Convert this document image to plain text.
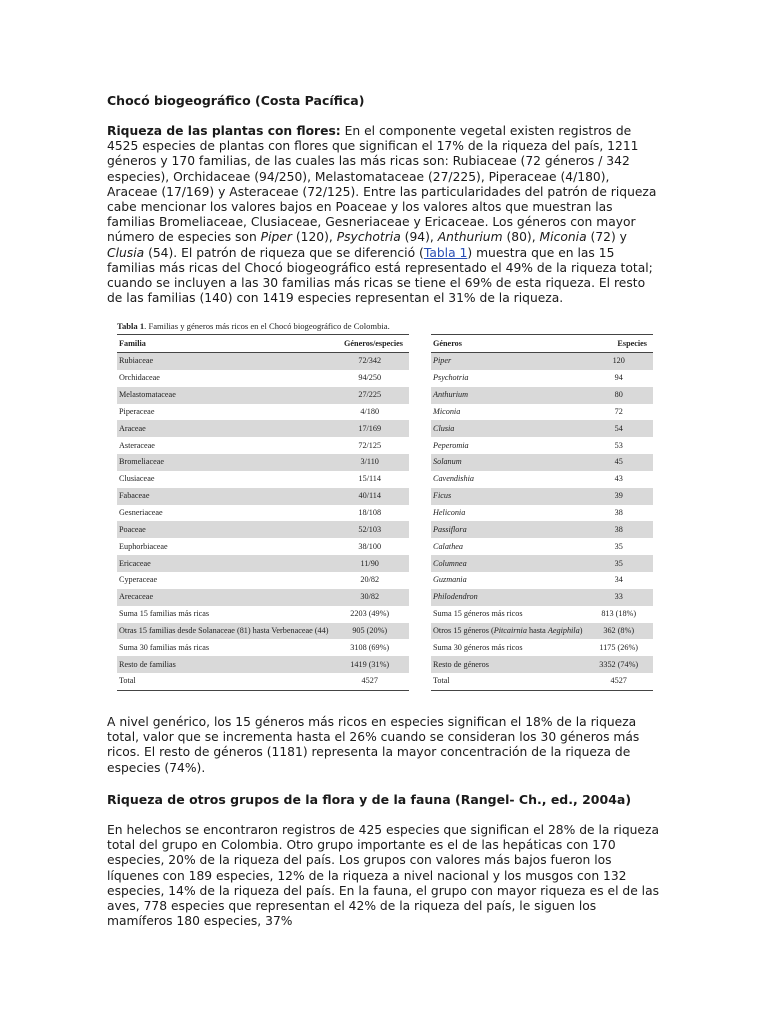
Chocó biogeográfico (Costa Pacífica)

Riqueza de las plantas con flores: En el componente vegetal existen registros de 4525 especies de plantas con flores que significan el 17% de la riqueza del país, 1211 géneros y 170 familias, de las cuales las más ricas son: Rubiaceae (72 géneros / 342 especies), Orchidaceae (94/250), Melastomataceae (27/225), Piperaceae (4/180), Araceae (17/169) y Asteraceae (72/125). Entre las particularidades del patrón de riqueza cabe mencionar los valores bajos en Poaceae y los valores altos que muestran las familias Bromeliaceae, Clusiaceae, Gesneriaceae y Ericaceae. Los géneros con mayor número de especies son Piper (120), Psychotria (94), Anthurium (80), Miconia (72) y Clusia (54). El patrón de riqueza que se diferenció (Tabla 1) muestra que en las 15 familias más ricas del Chocó biogeográfico está representado el 49% de la riqueza total; cuando se incluyen a las 30 familias más ricas se tiene el 69% de esta riqueza. El resto de las familias (140) con 1419 especies representan el 31% de la riqueza.

Tabla 1. Familias y géneros más ricos en el Chocó biogeográfico de Colombia.
Familia	Géneros/especies
Rubiaceae	72/342
Orchidaceae	94/250
Melastomataceae	27/225
Piperaceae	4/180
Araceae	17/169
Asteraceae	72/125
Bromeliaceae	3/110
Clusiaceae	15/114
Fabaceae	40/114
Gesneriaceae	18/108
Poaceae	52/103
Euphorbiaceae	38/100
Ericaceae	11/90
Cyperaceae	20/82
Arecaceae	30/82
Suma 15 familias más ricas	2203 (49%)
Otras 15 familias desde Solanaceae (81) hasta Verbenaceae (44)	905 (20%)
Suma 30 familias más ricas	3108 (69%)
Resto de familias	1419 (31%)
Total	4527
Géneros	Especies
Piper	120
Psychotria	94
Anthurium	80
Miconia	72
Clusia	54
Peperomia	53
Solanum	45
Cavendishia	43
Ficus	39
Heliconia	38
Passiflora	38
Calathea	35
Columnea	35
Guzmania	34
Philodendron	33
Suma 15 géneros más ricos	813 (18%)
Otros 15 géneros (Pitcairnia hasta Aegiphila)	362 (8%)
Suma 30 géneros más ricos	1175 (26%)
Resto de géneros	3352 (74%)
Total	4527

A nivel genérico, los 15 géneros más ricos en especies significan el 18% de la riqueza total, valor que se incrementa hasta el 26% cuando se consideran los 30 géneros más ricos. El resto de géneros (1181) representa la mayor concentración de la riqueza de especies (74%).

Riqueza de otros grupos de la flora y de la fauna (Rangel- Ch., ed., 2004a)

En helechos se encontraron registros de 425 especies que significan el 28% de la riqueza total del grupo en Colombia. Otro grupo importante es el de las hepáticas con 170 especies, 20% de la riqueza del país. Los grupos con valores más bajos fueron los líquenes con 189 especies, 12% de la riqueza a nivel nacional y los musgos con 132 especies, 14% de la riqueza del país. En la fauna, el grupo con mayor riqueza es el de las aves, 778 especies que representan el 42% de la riqueza del país, le siguen los mamíferos 180 especies, 37%
